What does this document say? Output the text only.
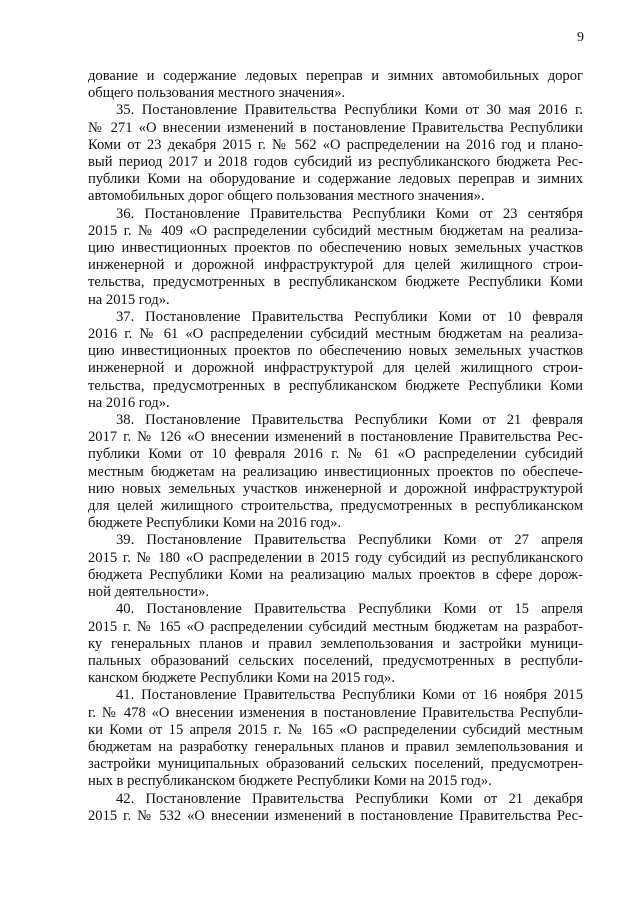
9
дование и содержание ледовых переправ и зимних автомобильных дорог
общего пользования местного значения».
35. Постановление Правительства Республики Коми от 30 мая 2016 г.
№ 271 «О внесении изменений в постановление Правительства Республики
Коми от 23 декабря 2015 г. № 562 «О распределении на 2016 год и плано-
вый период 2017 и 2018 годов субсидий из республиканского бюджета Рес-
публики Коми на оборудование и содержание ледовых переправ и зимних
автомобильных дорог общего пользования местного значения».
36. Постановление Правительства Республики Коми от 23 сентября
2015 г. № 409 «О распределении субсидий местным бюджетам на реализа-
цию инвестиционных проектов по обеспечению новых земельных участков
инженерной и дорожной инфраструктурой для целей жилищного строи-
тельства, предусмотренных в республиканском бюджете Республики Коми
на 2015 год».
37. Постановление Правительства Республики Коми от 10 февраля
2016 г. № 61 «О распределении субсидий местным бюджетам на реализа-
цию инвестиционных проектов по обеспечению новых земельных участков
инженерной и дорожной инфраструктурой для целей жилищного строи-
тельства, предусмотренных в республиканском бюджете Республики Коми
на 2016 год».
38. Постановление Правительства Республики Коми от 21 февраля
2017 г. № 126 «О внесении изменений в постановление Правительства Рес-
публики Коми от 10 февраля 2016 г. № 61 «О распределении субсидий
местным бюджетам на реализацию инвестиционных проектов по обеспече-
нию новых земельных участков инженерной и дорожной инфраструктурой
для целей жилищного строительства, предусмотренных в республиканском
бюджете Республики Коми на 2016 год».
39. Постановление Правительства Республики Коми от 27 апреля
2015 г. № 180 «О распределении в 2015 году субсидий из республиканского
бюджета Республики Коми на реализацию малых проектов в сфере дорож-
ной деятельности».
40. Постановление Правительства Республики Коми от 15 апреля
2015 г. № 165 «О распределении субсидий местным бюджетам на разработ-
ку генеральных планов и правил землепользования и застройки муници-
пальных образований сельских поселений, предусмотренных в республи-
канском бюджете Республики Коми на 2015 год».
41. Постановление Правительства Республики Коми от 16 ноября 2015
г. № 478 «О внесении изменения в постановление Правительства Республи-
ки Коми от 15 апреля 2015 г. № 165 «О распределении субсидий местным
бюджетам на разработку генеральных планов и правил землепользования и
застройки муниципальных образований сельских поселений, предусмотрен-
ных в республиканском бюджете Республики Коми на 2015 год».
42. Постановление Правительства Республики Коми от 21 декабря
2015 г. № 532 «О внесении изменений в постановление Правительства Рес-
